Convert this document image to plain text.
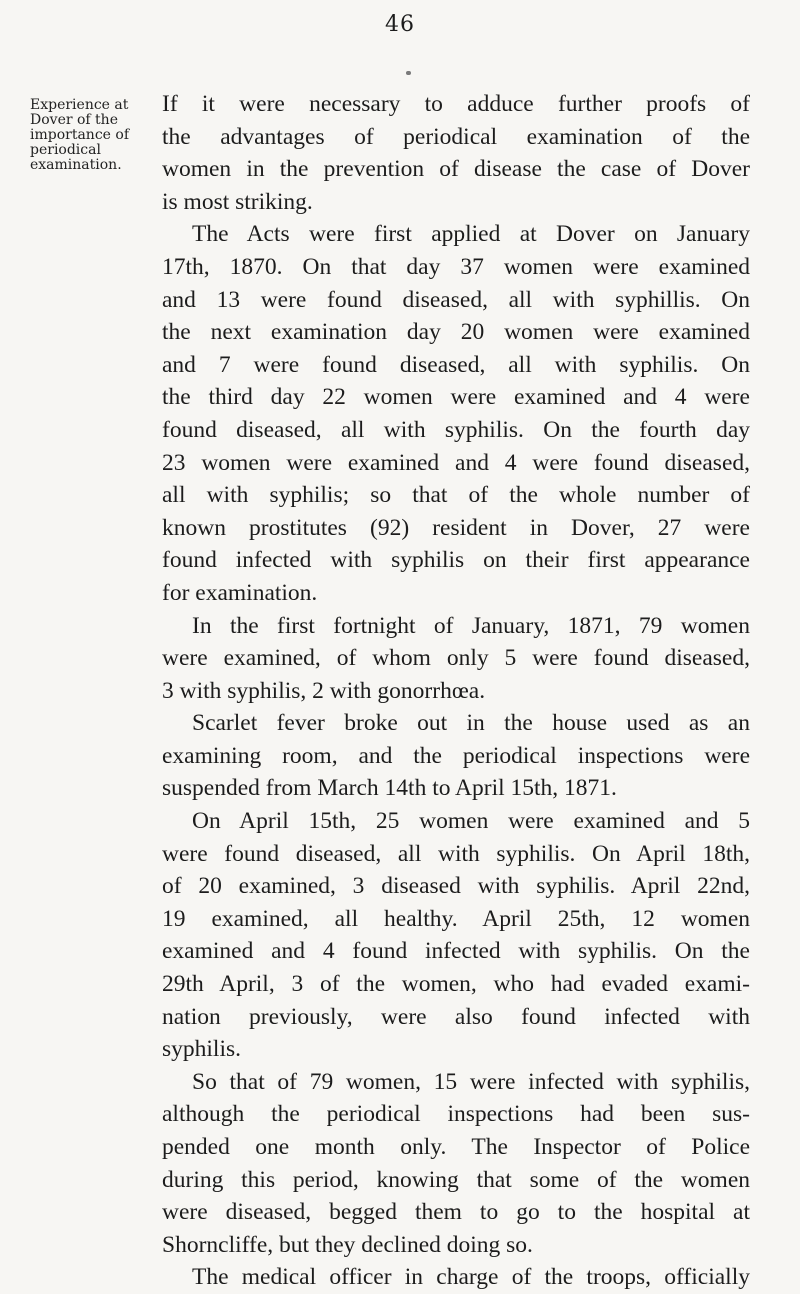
46
Experience at
Dover of the
importance of
periodical
examination.
If it were necessary to adduce further proofs of
the advantages of periodical examination of the
women in the prevention of disease the case of Dover
is most striking.
The Acts were first applied at Dover on January
17th, 1870. On that day 37 women were examined
and 13 were found diseased, all with syphillis. On
the next examination day 20 women were examined
and 7 were found diseased, all with syphilis. On
the third day 22 women were examined and 4 were
found diseased, all with syphilis. On the fourth day
23 women were examined and 4 were found diseased,
all with syphilis; so that of the whole number of
known prostitutes (92) resident in Dover, 27 were
found infected with syphilis on their first appearance
for examination.
In the first fortnight of January, 1871, 79 women
were examined, of whom only 5 were found diseased,
3 with syphilis, 2 with gonorrhœa.
Scarlet fever broke out in the house used as an
examining room, and the periodical inspections were
suspended from March 14th to April 15th, 1871.
On April 15th, 25 women were examined and 5
were found diseased, all with syphilis. On April 18th,
of 20 examined, 3 diseased with syphilis. April 22nd,
19 examined, all healthy. April 25th, 12 women
examined and 4 found infected with syphilis. On the
29th April, 3 of the women, who had evaded exami-
nation previously, were also found infected with
syphilis.
So that of 79 women, 15 were infected with syphilis,
although the periodical inspections had been sus-
pended one month only. The Inspector of Police
during this period, knowing that some of the women
were diseased, begged them to go to the hospital at
Shorncliffe, but they declined doing so.
The medical officer in charge of the troops, officially
